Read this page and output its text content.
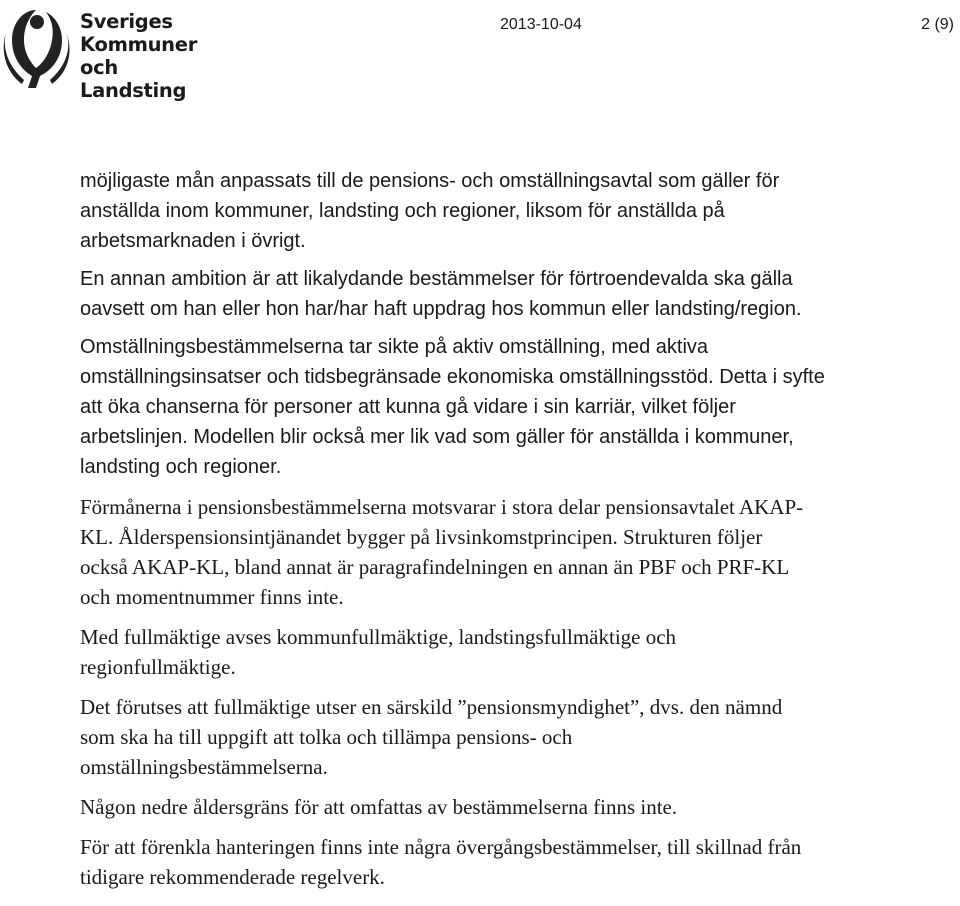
Sveriges
Kommuner
och Landsting
2013-10-04	2 (9)

möjligaste mån anpassats till de pensions- och omställningsavtal som gäller för
anställda inom kommuner, landsting och regioner, liksom för anställda på
arbetsmarknaden i övrigt.

En annan ambition är att likalydande bestämmelser för förtroendevalda ska gälla
oavsett om han eller hon har/har haft uppdrag hos kommun eller landsting/region.

Omställningsbestämmelserna tar sikte på aktiv omställning, med aktiva
omställningsinsatser och tidsbegränsade ekonomiska omställningsstöd. Detta i syfte
att öka chanserna för personer att kunna gå vidare i sin karriär, vilket följer
arbetslinjen. Modellen blir också mer lik vad som gäller för anställda i kommuner,
landsting och regioner.

Förmånerna i pensionsbestämmelserna motsvarar i stora delar pensionsavtalet AKAP-
KL. Ålderspensionsintjänandet bygger på livsinkomstprincipen. Strukturen följer
också AKAP-KL, bland annat är paragrafindelningen en annan än PBF och PRF-KL
och momentnummer finns inte.

Med fullmäktige avses kommunfullmäktige, landstingsfullmäktige och
regionfullmäktige.

Det förutses att fullmäktige utser en särskild ”pensionsmyndighet”, dvs. den nämnd
som ska ha till uppgift att tolka och tillämpa pensions- och
omställningsbestämmelserna.

Någon nedre åldersgräns för att omfattas av bestämmelserna finns inte.

För att förenkla hanteringen finns inte några övergångsbestämmelser, till skillnad från
tidigare rekommenderade regelverk.
